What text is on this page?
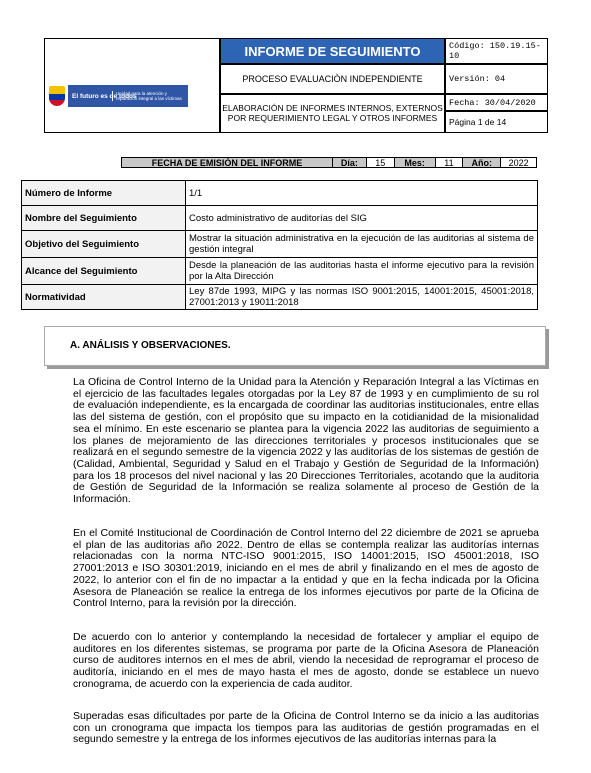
El futuro es de todos
Unidad para la atención y reparación integral a las víctimas
INFORME DE SEGUIMIENTO
PROCESO EVALUACIÒN INDEPENDIENTE
ELABORACIÓN DE INFORMES INTERNOS, EXTERNOS POR REQUERIMIENTO LEGAL Y OTROS INFORMES
Código: 150.19.15-10
Versión: 04
Fecha: 30/04/2020
Página 1 de 14
FECHA DE EMISIÓN DEL INFORME	Día:	15	Mes:	11	Año:	2022
Número de Informe	1/1
Nombre del Seguimiento	Costo administrativo de auditorías del SIG
Objetivo del Seguimiento	Mostrar la situación administrativa en la ejecución de las auditorias al sistema de gestión integral
Alcance del Seguimiento	Desde la planeación de las auditorias hasta el informe ejecutivo para la revisión por la Alta Dirección
Normatividad	Ley 87de 1993, MIPG y las normas ISO 9001:2015, 14001:2015, 45001:2018, 27001:2013 y 19011:2018
A. ANÁLISIS Y OBSERVACIONES.
La Oficina de Control Interno de la Unidad para la Atención y Reparación Integral a las Víctimas en el ejercicio de las facultades legales otorgadas por la Ley 87 de 1993 y en cumplimiento de su rol de evaluación independiente, es la encargada de coordinar las auditorias institucionales, entre ellas las del sistema de gestión, con el propósito que su impacto en la cotidianidad de la misionalidad sea el mínimo. En este escenario se plantea para la vigencia 2022 las auditorias de seguimiento a los planes de mejoramiento de las direcciones territoriales y procesos institucionales que se realizará en el segundo semestre de la vigencia 2022 y las auditorías de los sistemas de gestión de (Calidad, Ambiental, Seguridad y Salud en el Trabajo y Gestión de Seguridad de la Información) para los 18 procesos del nivel nacional y las 20 Direcciones Territoriales, acotando que la auditoria de Gestión de Seguridad de la Información se realiza solamente al proceso de Gestión de la Información.
En el Comité Institucional de Coordinación de Control Interno del 22 diciembre de 2021 se aprueba el plan de las auditorias año 2022. Dentro de ellas se contempla realizar las auditorías internas relacionadas con la norma NTC-ISO 9001:2015, ISO 14001:2015, ISO 45001:2018, ISO 27001:2013 e ISO 30301:2019, iniciando en el mes de abril y finalizando en el mes de agosto de 2022, lo anterior con el fin de no impactar a la entidad y que en la fecha indicada por la Oficina Asesora de Planeación se realice la entrega de los informes ejecutivos por parte de la Oficina de Control Interno, para la revisión por la dirección.
De acuerdo con lo anterior y contemplando la necesidad de fortalecer y ampliar el equipo de auditores en los diferentes sistemas, se programa por parte de la Oficina Asesora de Planeación curso de auditores internos en el mes de abril, viendo la necesidad de reprogramar el proceso de auditoría, iniciando en el mes de mayo hasta el mes de agosto, donde se establece un nuevo cronograma, de acuerdo con la experiencia de cada auditor.
Superadas esas dificultades por parte de la Oficina de Control Interno se da inicio a las auditorias con un cronograma que impacta los tiempos para las auditorias de gestión programadas en el segundo semestre y la entrega de los informes ejecutivos de las auditorías internas para la
